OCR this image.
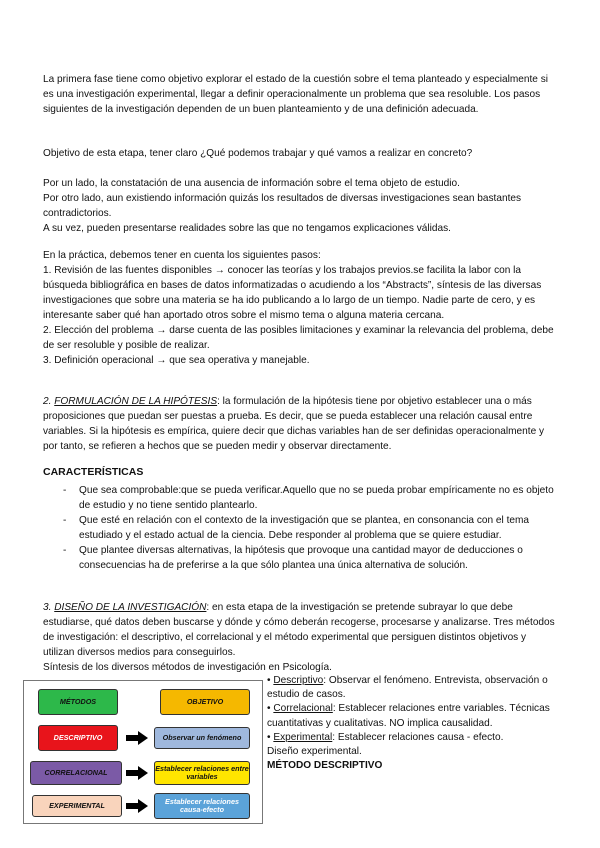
La primera fase tiene como objetivo explorar el estado de la cuestión sobre el tema planteado y especialmente si es una investigación experimental, llegar a definir operacionalmente un problema que sea resoluble. Los pasos siguientes de la investigación dependen de un buen planteamiento y de una definición adecuada.

Objetivo de esta etapa, tener claro ¿Qué podemos trabajar y qué vamos a realizar en concreto?

Por un lado, la constatación de una ausencia de información sobre el tema objeto de estudio.

Por otro lado, aun existiendo información quizás los resultados de diversas investigaciones sean bastantes contradictorios.

A su vez, pueden presentarse realidades sobre las que no tengamos explicaciones válidas.

En la práctica, debemos tener en cuenta los siguientes pasos:

1. Revisión de las fuentes disponibles → conocer las teorías y los trabajos previos.se facilita la labor con la búsqueda bibliográfica en bases de datos informatizadas o acudiendo a los “Abstracts”, síntesis de las diversas investigaciones que sobre una materia se ha ido publicando a lo largo de un tiempo. Nadie parte de cero, y es interesante saber qué han aportado otros sobre el mismo tema o alguna materia cercana.

2. Elección del problema → darse cuenta de las posibles limitaciones y examinar la relevancia del problema, debe de ser resoluble y posible de realizar.

3. Definición operacional → que sea operativa y manejable.

2. FORMULACIÓN DE LA HIPÓTESIS: la formulación de la hipótesis tiene por objetivo establecer una o más proposiciones que puedan ser puestas a prueba. Es decir, que se pueda establecer una relación causal entre variables. Si la hipótesis es empírica, quiere decir que dichas variables han de ser definidas operacionalmente y por tanto, se refieren a hechos que se pueden medir y observar directamente.

CARACTERÍSTICAS

- Que sea comprobable:que se pueda verificar.Aquello que no se pueda probar empíricamente no es objeto de estudio y no tiene sentido plantearlo.
- Que esté en relación con el contexto de la investigación que se plantea, en consonancia con el tema estudiado y el estado actual de la ciencia. Debe responder al problema que se quiere estudiar.
- Que plantee diversas alternativas, la hipótesis que provoque una cantidad mayor de deducciones o consecuencias ha de preferirse a la que sólo plantea una única alternativa de solución.

3. DISEÑO DE LA INVESTIGACIÓN: en esta etapa de la investigación se pretende subrayar lo que debe estudiarse, qué datos deben buscarse y dónde y cómo deberán recogerse, procesarse y analizarse. Tres métodos de investigación: el descriptivo, el correlacional y el método experimental que persiguen distintos objetivos y utilizan diversos medios para conseguirlos.

Síntesis de los diversos métodos de investigación en Psicología.

MÉTODOS	OBJETIVO
DESCRIPTIVO	Observar un fenómeno
CORRELACIONAL	Establecer relaciones entre variables
EXPERIMENTAL	Establecer relaciones causa-efecto

• Descriptivo: Observar el fenómeno. Entrevista, observación o estudio de casos.

• Correlacional: Establecer relaciones entre variables. Técnicas cuantitativas y cualitativas. NO implica causalidad.

• Experimental: Establecer relaciones causa - efecto.

Diseño experimental.

MÉTODO DESCRIPTIVO
